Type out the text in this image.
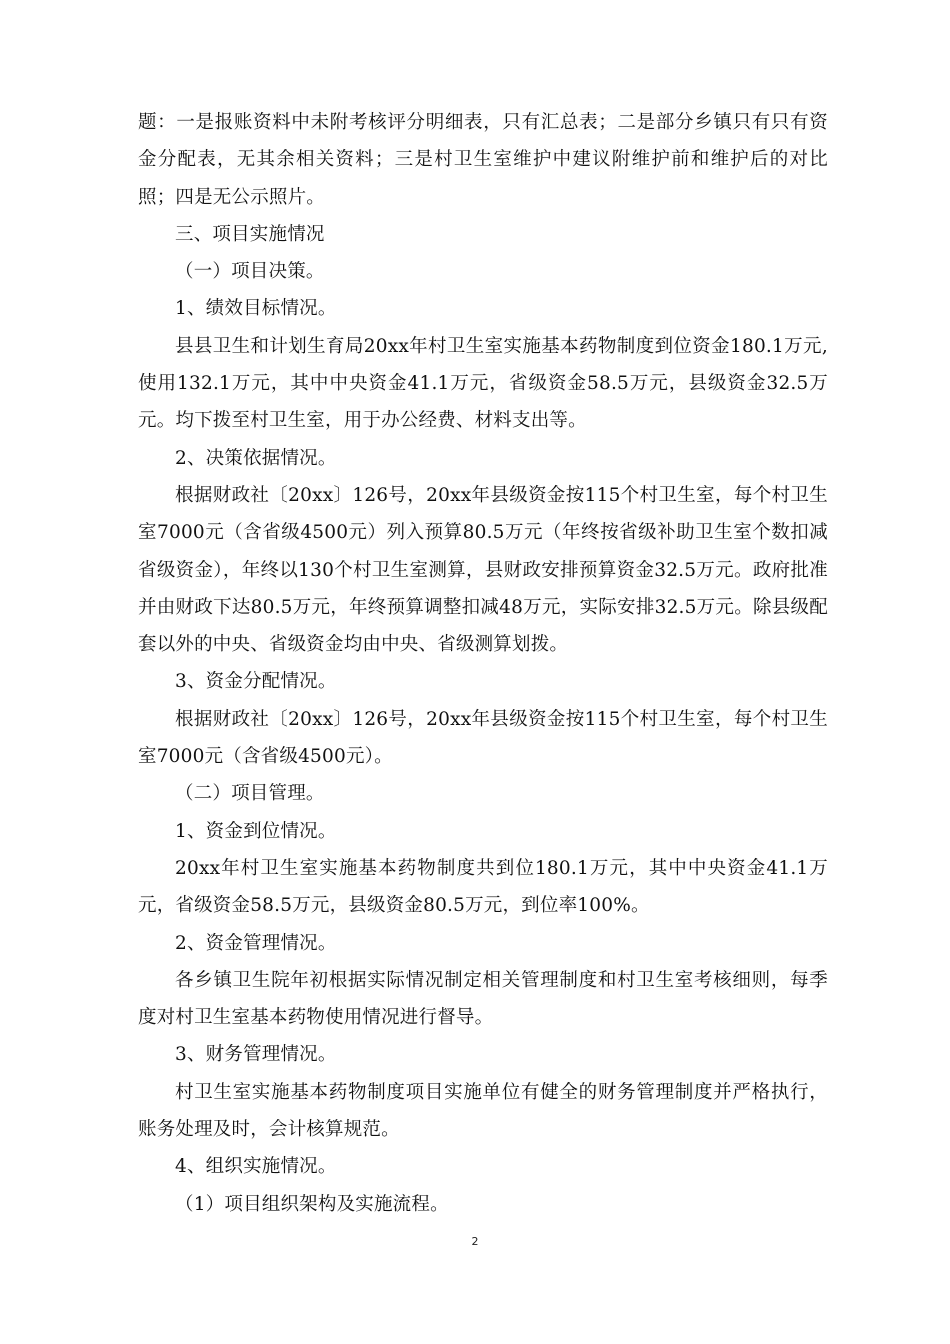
题：一是报账资料中未附考核评分明细表，只有汇总表；二是部分乡镇只有只有资金分配表，无其余相关资料；三是村卫生室维护中建议附维护前和维护后的对比照；四是无公示照片。

三、项目实施情况

（一）项目决策。

1、绩效目标情况。

县县卫生和计划生育局20xx年村卫生室实施基本药物制度到位资金180.1万元,使用132.1万元，其中中央资金41.1万元，省级资金58.5万元，县级资金32.5万元。均下拨至村卫生室，用于办公经费、材料支出等。

2、决策依据情况。

根据财政社〔20xx〕126号，20xx年县级资金按115个村卫生室，每个村卫生室7000元（含省级4500元）列入预算80.5万元（年终按省级补助卫生室个数扣减省级资金），年终以130个村卫生室测算，县财政安排预算资金32.5万元。政府批准并由财政下达80.5万元，年终预算调整扣减48万元，实际安排32.5万元。除县级配套以外的中央、省级资金均由中央、省级测算划拨。

3、资金分配情况。

根据财政社〔20xx〕126号，20xx年县级资金按115个村卫生室，每个村卫生室7000元（含省级4500元）。

（二）项目管理。

1、资金到位情况。

20xx年村卫生室实施基本药物制度共到位180.1万元，其中中央资金41.1万元，省级资金58.5万元，县级资金80.5万元，到位率100%。

2、资金管理情况。

各乡镇卫生院年初根据实际情况制定相关管理制度和村卫生室考核细则，每季度对村卫生室基本药物使用情况进行督导。

3、财务管理情况。

村卫生室实施基本药物制度项目实施单位有健全的财务管理制度并严格执行，账务处理及时，会计核算规范。

4、组织实施情况。

（1）项目组织架构及实施流程。

2
